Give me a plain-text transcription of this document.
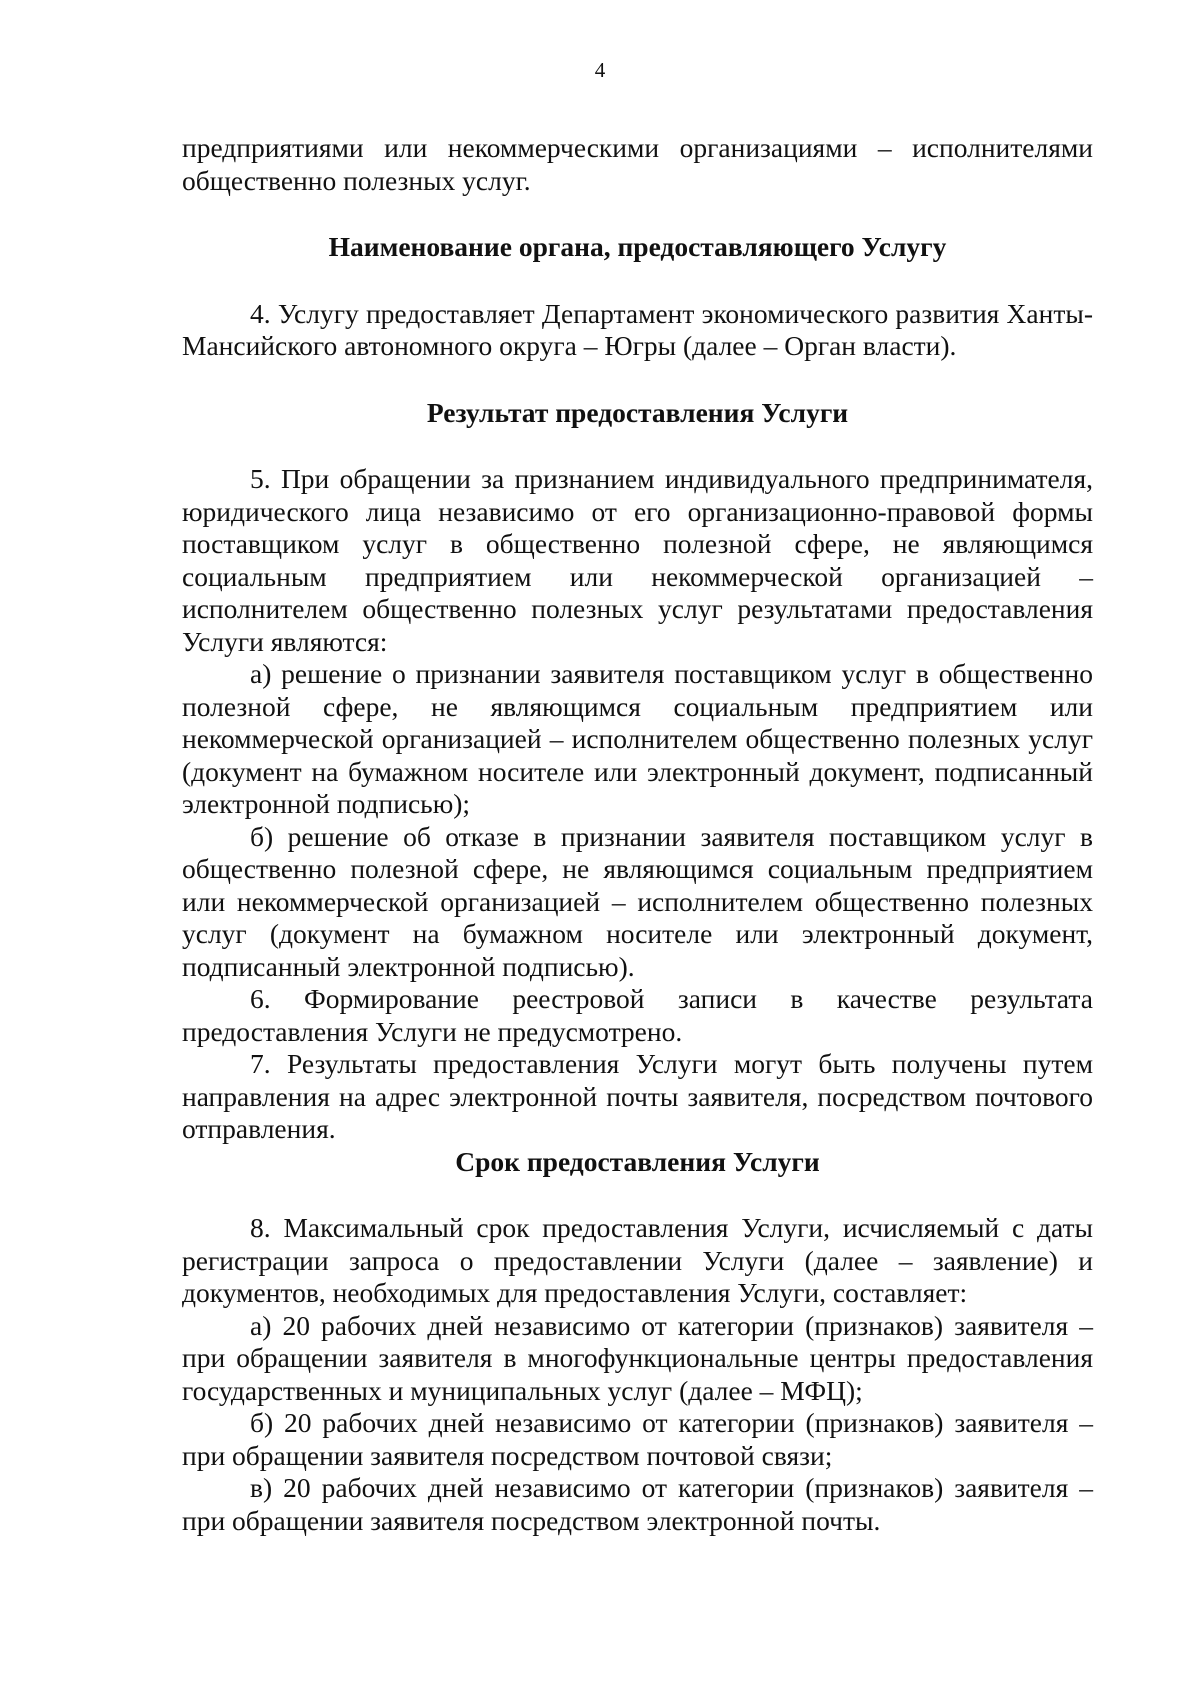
4

предприятиями или некоммерческими организациями – исполнителями общественно полезных услуг.

Наименование органа, предоставляющего Услугу

4. Услугу предоставляет Департамент экономического развития Ханты-Мансийского автономного округа – Югры (далее – Орган власти).

Результат предоставления Услуги

5. При обращении за признанием индивидуального предпринимателя, юридического лица независимо от его организационно-правовой формы поставщиком услуг в общественно полезной сфере, не являющимся социальным предприятием или некоммерческой организацией – исполнителем общественно полезных услуг результатами предоставления Услуги являются:

а) решение о признании заявителя поставщиком услуг в общественно полезной сфере, не являющимся социальным предприятием или некоммерческой организацией – исполнителем общественно полезных услуг (документ на бумажном носителе или электронный документ, подписанный электронной подписью);

б) решение об отказе в признании заявителя поставщиком услуг в общественно полезной сфере, не являющимся социальным предприятием или некоммерческой организацией – исполнителем общественно полезных услуг (документ на бумажном носителе или электронный документ, подписанный электронной подписью).

6. Формирование реестровой записи в качестве результата предоставления Услуги не предусмотрено.

7. Результаты предоставления Услуги могут быть получены путем направления на адрес электронной почты заявителя, посредством почтового отправления.

Срок предоставления Услуги

8. Максимальный срок предоставления Услуги, исчисляемый с даты регистрации запроса о предоставлении Услуги (далее – заявление) и документов, необходимых для предоставления Услуги, составляет:

а) 20 рабочих дней независимо от категории (признаков) заявителя – при обращении заявителя в многофункциональные центры предоставления государственных и муниципальных услуг (далее – МФЦ);

б) 20 рабочих дней независимо от категории (признаков) заявителя – при обращении заявителя посредством почтовой связи;

в) 20 рабочих дней независимо от категории (признаков) заявителя – при обращении заявителя посредством электронной почты.
